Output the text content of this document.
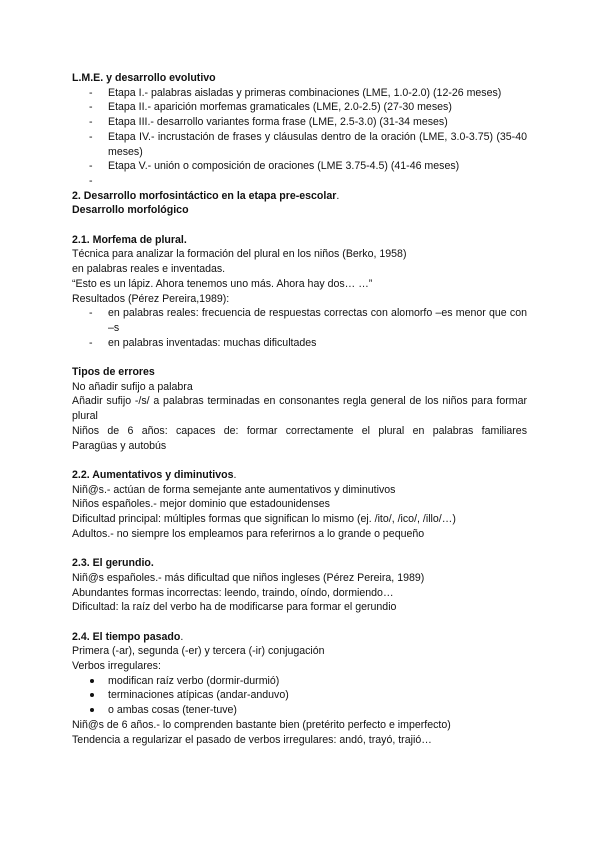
L.M.E. y desarrollo evolutivo
- Etapa I.- palabras aisladas y primeras combinaciones (LME, 1.0-2.0) (12-26 meses)
- Etapa II.- aparición morfemas gramaticales (LME, 2.0-2.5) (27-30 meses)
- Etapa III.- desarrollo variantes forma frase (LME, 2.5-3.0) (31-34 meses)
- Etapa IV.- incrustación de frases y cláusulas dentro de la oración (LME, 3.0-3.75) (35-40 meses)
- Etapa V.- unión o composición de oraciones (LME 3.75-4.5) (41-46 meses)
-

2. Desarrollo morfosintáctico en la etapa pre-escolar.
Desarrollo morfológico
2.1. Morfema de plural.
Técnica para analizar la formación del plural en los niños (Berko, 1958)
en palabras reales e inventadas.
“Esto es un lápiz. Ahora tenemos uno más. Ahora hay dos… …”
Resultados (Pérez Pereira,1989):
- en palabras reales: frecuencia de respuestas correctas con alomorfo –es menor que con –s
- en palabras inventadas: muchas dificultades
Tipos de errores
No añadir sufijo a palabra
Añadir sufijo -/s/ a palabras terminadas en consonantes regla general de los niños para formar plural
Niños de 6 años: capaces de: formar correctamente el plural en palabras familiares
Paragüas y autobús
2.2. Aumentativos y diminutivos.
Niñ@s.- actúan de forma semejante ante aumentativos y diminutivos
Niños españoles.- mejor dominio que estadounidenses
Dificultad principal: múltiples formas que significan lo mismo (ej. /ito/, /ico/, /illo/…)
Adultos.- no siempre los empleamos para referirnos a lo grande o pequeño
2.3. El gerundio.
Niñ@s españoles.- más dificultad que niños ingleses (Pérez Pereira, 1989)
Abundantes formas incorrectas: leendo, traindo, oíndo, dormiendo…
Dificultad: la raíz del verbo ha de modificarse para formar el gerundio
2.4. El tiempo pasado.
Primera (-ar), segunda (-er) y tercera (-ir) conjugación
Verbos irregulares:
modifican raíz verbo (dormir-durmió)
terminaciones atípicas (andar-anduvo)
o ambas cosas (tener-tuve)
Niñ@s de 6 años.- lo comprenden bastante bien (pretérito perfecto e imperfecto)
Tendencia a regularizar el pasado de verbos irregulares: andó, trayó, trajió…
